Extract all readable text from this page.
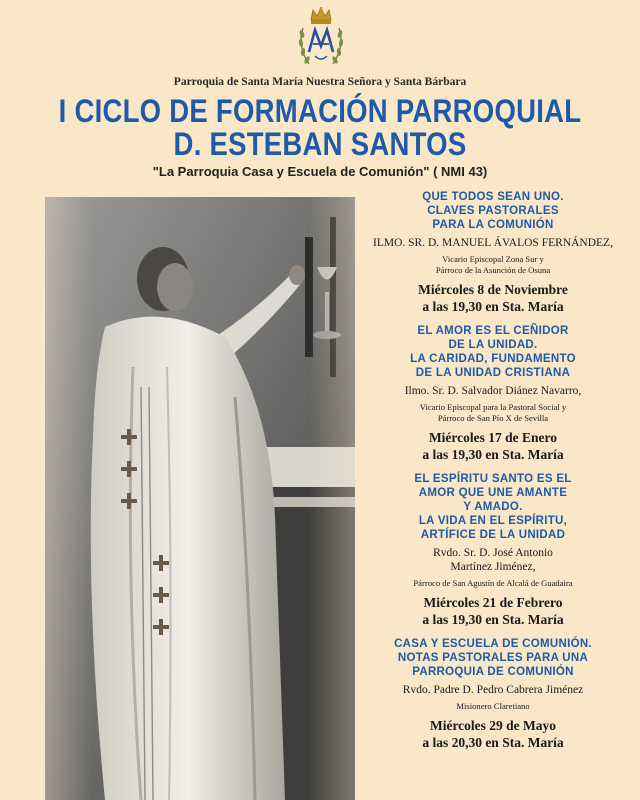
Parroquia de Santa María Nuestra Señora y Santa Bárbara
I CICLO DE FORMACIÓN PARROQUIAL
D. ESTEBAN SANTOS
"La Parroquia Casa y Escuela de Comunión" ( NMI 43)
QUE TODOS SEAN UNO.
CLAVES PASTORALES
PARA LA COMUNIÓN
ILMO. SR. D. MANUEL ÁVALOS FERNÁNDEZ,
Vicario Episcopal Zona Sur y
Párroco de la Asunción de Osuna
Miércoles 8 de Noviembre
a las 19,30 en Sta. María
EL AMOR ES EL CEÑIDOR
DE LA UNIDAD.
LA CARIDAD, FUNDAMENTO
DE LA UNIDAD CRISTIANA
Ilmo. Sr. D. Salvador Diánez Navarro,
Vicario Episcopal para la Pastoral Social y
Párroco de San Pío X de Sevilla
Miércoles 17 de Enero
a las 19,30 en Sta. María
EL ESPÍRITU SANTO ES EL
AMOR QUE UNE AMANTE
Y AMADO.
LA VIDA EN EL ESPÍRITU,
ARTÍFICE DE LA UNIDAD
Rvdo. Sr. D. José Antonio
Martínez Jiménez,
Párroco de San Agustín de Alcalá de Guadaira
Miércoles 21 de Febrero
a las 19,30 en Sta. María
CASA Y ESCUELA DE COMUNIÓN.
NOTAS PASTORALES PARA UNA
PARROQUIA DE COMUNIÓN
Rvdo. Padre D. Pedro Cabrera Jiménez
Misionero Claretiano
Miércoles 29 de Mayo
a las 20,30 en Sta. María
